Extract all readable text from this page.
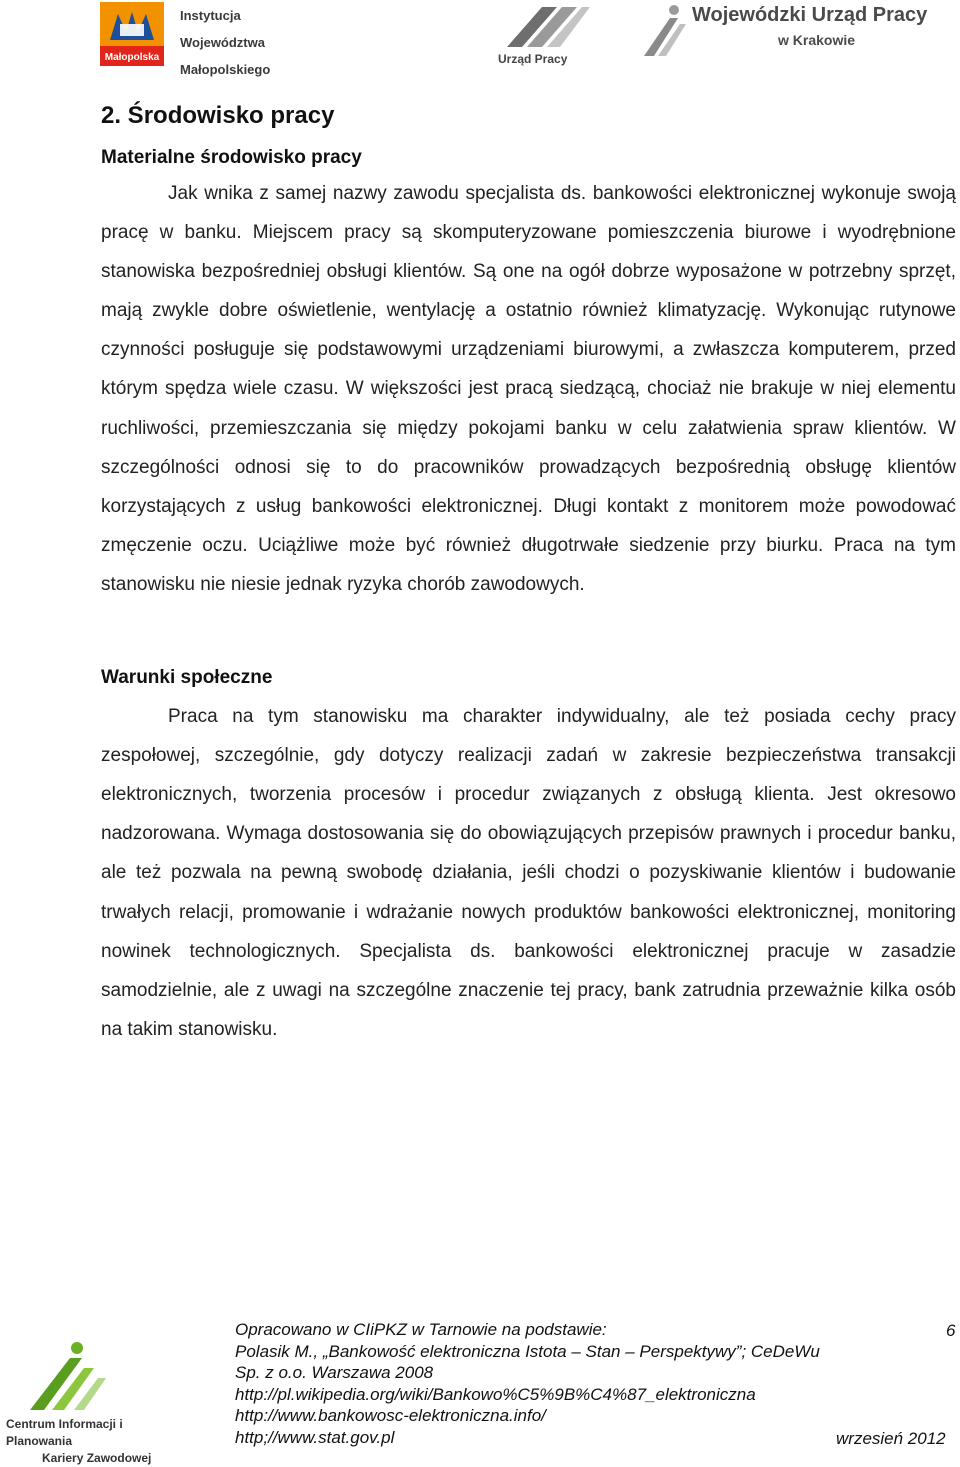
Małopolska
Instytucja
Województwa
Małopolskiego
Urząd Pracy
Wojewódzki Urząd Pracy
w Krakowie
2. Środowisko pracy
Materialne środowisko pracy

Jak wnika z samej nazwy zawodu specjalista ds. bankowości elektronicznej wykonuje swoją pracę w banku. Miejscem pracy są skomputeryzowane pomieszczenia biurowe i wyodrębnione stanowiska bezpośredniej obsługi klientów. Są one na ogół dobrze wyposażone w potrzebny sprzęt, mają zwykle dobre oświetlenie, wentylację a ostatnio również klimatyzację. Wykonując rutynowe czynności posługuje się podstawowymi urządzeniami biurowymi, a zwłaszcza komputerem, przed którym spędza wiele czasu. W większości jest pracą siedzącą, chociaż nie brakuje w niej elementu ruchliwości, przemieszczania się między pokojami banku w celu załatwienia spraw klientów. W szczególności odnosi się to do pracowników prowadzących bezpośrednią obsługę klientów korzystających z usług bankowości elektronicznej. Długi kontakt z monitorem może powodować zmęczenie oczu. Uciążliwe może być również długotrwałe siedzenie przy biurku. Praca na tym stanowisku nie niesie jednak ryzyka chorób zawodowych.

Warunki społeczne

Praca na tym stanowisku ma charakter indywidualny, ale też posiada cechy pracy zespołowej, szczególnie, gdy dotyczy realizacji zadań w zakresie bezpieczeństwa transakcji elektronicznych, tworzenia procesów i procedur związanych z obsługą klienta. Jest okresowo nadzorowana. Wymaga dostosowania się do obowiązujących przepisów prawnych i procedur banku, ale też pozwala na pewną swobodę działania, jeśli chodzi o pozyskiwanie klientów i budowanie trwałych relacji, promowanie i wdrażanie nowych produktów bankowości elektronicznej, monitoring nowinek technologicznych. Specjalista ds. bankowości elektronicznej pracuje w zasadzie samodzielnie, ale z uwagi na szczególne znaczenie tej pracy, bank zatrudnia przeważnie kilka osób na takim stanowisku.

Centrum Informacji i Planowania
Kariery Zawodowej
Opracowano w CIiPKZ w Tarnowie na podstawie:
Polasik M., „Bankowość elektroniczna Istota – Stan – Perspektywy”; CeDeWu
Sp. z o.o. Warszawa 2008
http://pl.wikipedia.org/wiki/Bankowo%C5%9B%C4%87_elektroniczna
http://www.bankowosc-elektroniczna.info/
http;//www.stat.gov.pl
6
wrzesień 2012
